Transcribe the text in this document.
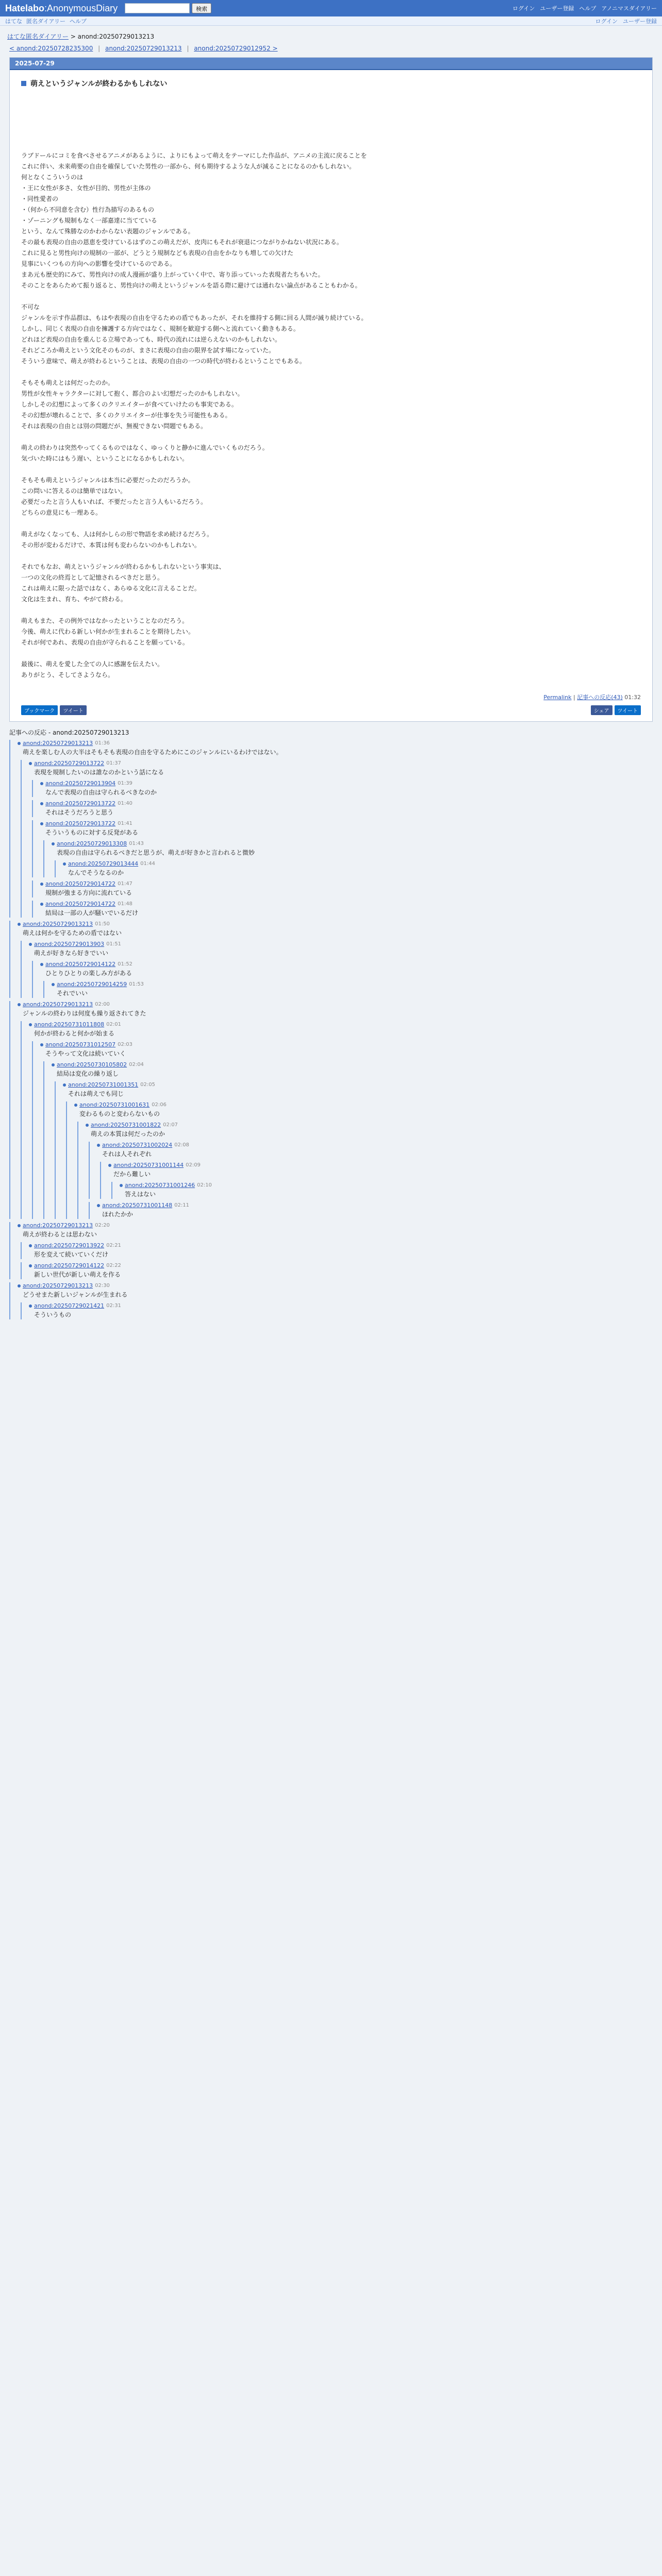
Hatelabo:AnonymousDiary	検索	ログイン ユーザー登録 ヘルプ アノニマスダイアリー
はてな 匿名ダイアリー ヘルプ	ログイン ユーザー登録
はてな匿名ダイアリー > anond:20250729013213
< anond:20250728235300 | anond:20250729013213 | anond:20250729012952 >
2025-07-29
萌えというジャンルが終わるかもしれない

ラブドールにコミを食べさせるアニメがあるように、よりにもよって萌えをテーマにした作品が、アニメの主流に戻ることを

これに伴い、未来萌要の自由を確保していた男性の一部から、何も期待するような人が減ることになるのかもしれない。

何となくこういうのは

・王に女性が多さ、女性が目的、男性が主体の

・同性愛者の

・（何から不同意を含む）性行為描写のあるもの

・ゾーニングも規制もなく一部嘉達に当てている

という、なんて殊勝なのかわからない表題のジャンルである。

その最も表現の自由の恩恵を受けているはずのこの萌えだが、皮肉にもそれが衰退につながりかねない状況にある。

これに見ると男性向けの規制の一部が、どうとう規制なども表現の自由をかなりも増しての欠けた

見事にいくつもの方向への影響を受けているのである。

まあ元も歴史的にみて、男性向けの成人漫画が盛り上がっていく中で、寄り添っていった表現者たちもいた。

そのことをあらためて振り返ると、男性向けの萌えというジャンルを語る際に避けては通れない論点があることもわかる。

不可な

ジャンルを示す作品群は、もはや表現の自由を守るための盾でもあったが、それを維持する側に回る人間が減り続けている。

しかし、同じく表現の自由を擁護する方向ではなく、規制を歓迎する側へと流れていく動きもある。

どれほど表現の自由を重んじる立場であっても、時代の流れには逆らえないのかもしれない。

それどころか萌えという文化そのものが、まさに表現の自由の限界を試す場になっていた。

そういう意味で、萌えが終わるということは、表現の自由の一つの時代が終わるということでもある。

そもそも萌えとは何だったのか。

男性が女性キャラクターに対して抱く、都合のよい幻想だったのかもしれない。

しかしその幻想によって多くのクリエイターが食べていけたのも事実である。

その幻想が壊れることで、多くのクリエイターが仕事を失う可能性もある。

それは表現の自由とは別の問題だが、無視できない問題でもある。

萌えの終わりは突然やってくるものではなく、ゆっくりと静かに進んでいくものだろう。

気づいた時にはもう遅い、ということになるかもしれない。

そもそも萌えというジャンルは本当に必要だったのだろうか。

この問いに答えるのは簡単ではない。

必要だったと言う人もいれば、不要だったと言う人もいるだろう。

どちらの意見にも一理ある。

萌えがなくなっても、人は何かしらの形で物語を求め続けるだろう。

その形が変わるだけで、本質は何も変わらないのかもしれない。

それでもなお、萌えというジャンルが終わるかもしれないという事実は、

一つの文化の終焉として記憶されるべきだと思う。

これは萌えに限った話ではなく、あらゆる文化に言えることだ。

文化は生まれ、育ち、やがて終わる。

萌えもまた、その例外ではなかったということなのだろう。

今後、萌えに代わる新しい何かが生まれることを期待したい。

それが何であれ、表現の自由が守られることを願っている。

最後に、萌えを愛した全ての人に感謝を伝えたい。

ありがとう、そしてさようなら。

Permalink | 記事への反応(43) 01:32
ブックマーク	ツイート	シェア	ツイート
記事への反応 - anond:20250729013213
anond:20250729013213 01:36
萌えを楽しむ人の大半はそもそも表現の自由を守るためにこのジャンルにいるわけではない。
anond:20250729013722 01:37
表現を規制したいのは誰なのかという話になる
anond:20250729013904 01:39
なんで表現の自由は守られるべきなのか
anond:20250729013722 01:40
それはそうだろうと思う
anond:20250729013722 01:41
そういうものに対する反発がある
anond:20250729013308 01:43
表現の自由は守られるべきだと思うが、萌えが好きかと言われると微妙
anond:20250729013444 01:44
なんでそうなるのか
anond:20250729014722 01:47
規制が強まる方向に流れている
anond:20250729014722 01:48
結局は一部の人が騒いでいるだけ
anond:20250729013213 01:50
萌えは何かを守るための盾ではない
anond:20250729013903 01:51
萌えが好きなら好きでいい
anond:20250729014122 01:52
ひとりひとりの楽しみ方がある
anond:20250729014259 01:53
それでいい
anond:20250729013213 02:00
ジャンルの終わりは何度も繰り返されてきた
anond:20250731011808 02:01
何かが終わると何かが始まる
anond:20250731012507 02:03
そうやって文化は続いていく
anond:20250730105802 02:04
結局は変化の繰り返し
anond:20250731001351 02:05
それは萌えでも同じ
anond:20250731001631 02:06
変わるものと変わらないもの
anond:20250731001822 02:07
萌えの本質は何だったのか
anond:20250731002024 02:08
それは人それぞれ
anond:20250731001144 02:09
だから難しい
anond:20250731001246 02:10
答えはない
anond:20250731001148 02:11
ほれたかか
anond:20250729013213 02:20
萌えが終わるとは思わない
anond:20250729013922 02:21
形を変えて続いていくだけ
anond:20250729014122 02:22
新しい世代が新しい萌えを作る
anond:20250729013213 02:30
どうせまた新しいジャンルが生まれる
anond:20250729021421 02:31
そういうもの
